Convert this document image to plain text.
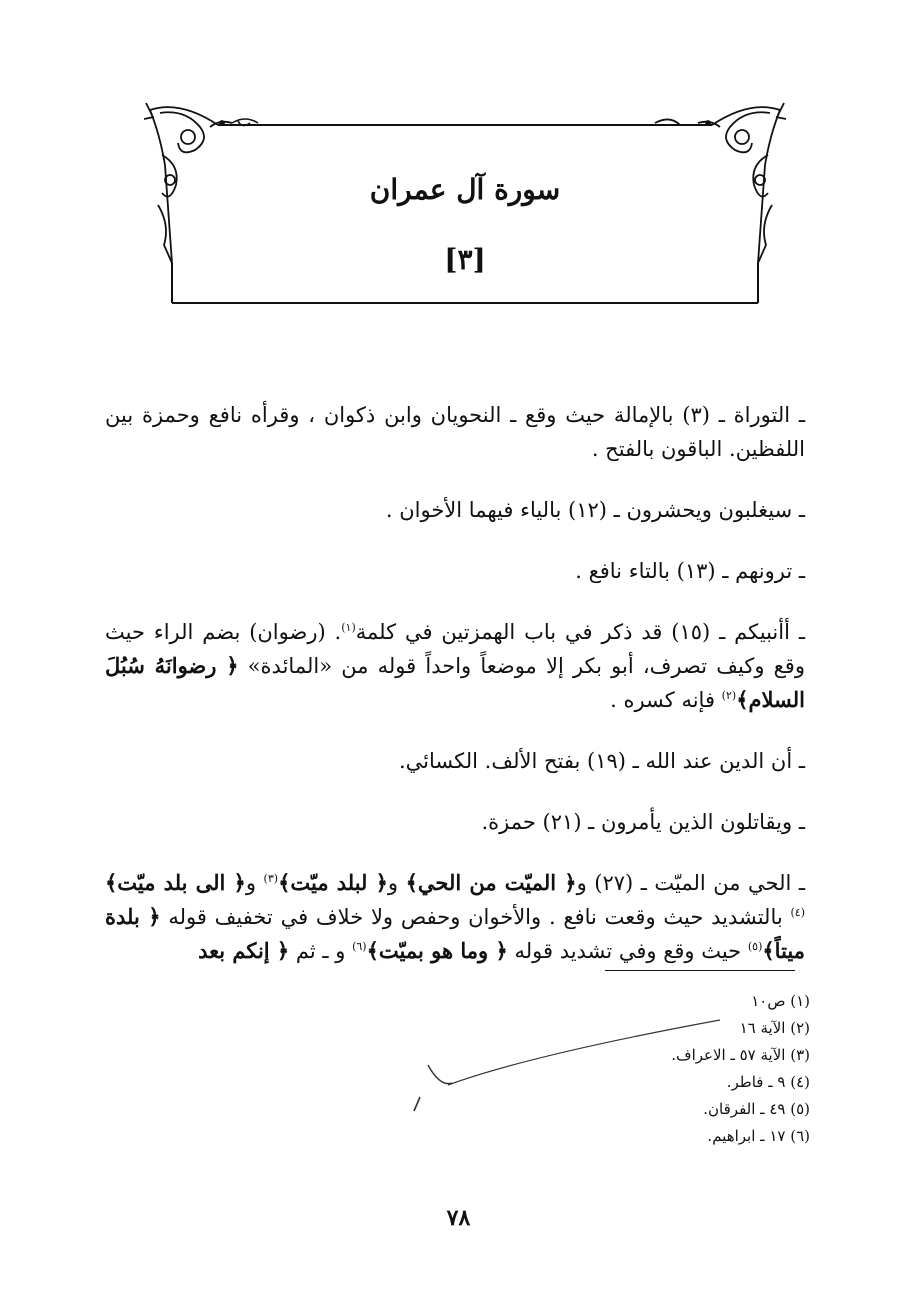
سورة آل عمران
[٣]

ـ التوراة ـ (٣) بالإمالة حيث وقع ـ النحويان وابن ذكوان ، وقرأه نافع وحمزة بين اللفظين. الباقون بالفتح .

ـ سيغلبون ويحشرون ـ (١٢) بالياء فيهما الأخوان .

ـ ترونهم ـ (١٣) بالتاء نافع .

ـ أأنبيكم ـ (١٥) قد ذكر في باب الهمزتين في كلمة$^{(١)}$. (رضوان) بضم الراء حيث وقع وكيف تصرف، أبو بكر إلا موضعاً واحداً قوله من «المائدة» ﴿ رضوانَهُ سُبُلَ السلام﴾$^{(٢)}$ فإنه كسره .

ـ أن الدين عند الله ـ (١٩) بفتح الألف. الكسائي.

ـ ويقاتلون الذين يأمرون ـ (٢١) حمزة.

ـ الحي من الميّت ـ (٢٧) و﴿ الميّت من الحي﴾ و﴿ لبلد ميّت﴾$^{(٣)}$ و﴿ الى بلد ميّت﴾$^{(٤)}$ بالتشديد حيث وقعت نافع . والأخوان وحفص ولا خلاف في تخفيف قوله ﴿ بلدة ميتاً﴾$^{(٥)}$ حيث وقع وفي تشديد قوله ﴿ وما هو بميّت﴾$^{(٦)}$ و ـ ثم ﴿ إنكم بعد

(١) ص١٠
(٢) الآية ١٦
(٣) الآية ٥٧ ـ الاعراف.
(٤) ٩ ـ فاطر.
(٥) ٤٩ ـ الفرقان.
(٦) ١٧ ـ ابراهيم.
٧٨
